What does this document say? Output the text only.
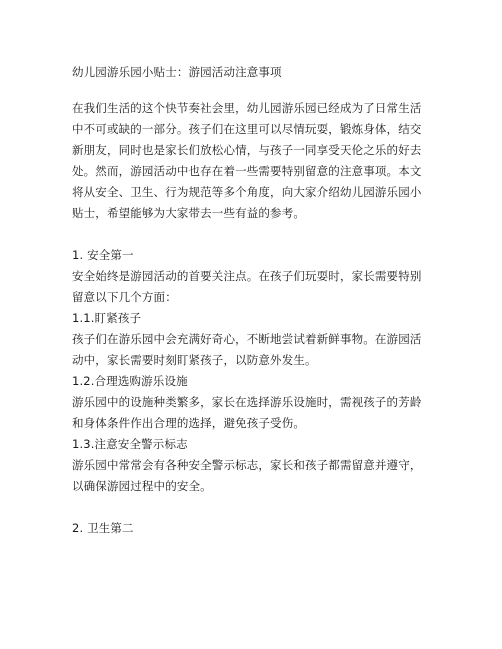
幼儿园游乐园小贴士：游园活动注意事项
在我们生活的这个快节奏社会里，幼儿园游乐园已经成为了日常生活
中不可或缺的一部分。孩子们在这里可以尽情玩耍，锻炼身体，结交
新朋友，同时也是家长们放松心情，与孩子一同享受天伦之乐的好去
处。然而，游园活动中也存在着一些需要特别留意的注意事项。本文
将从安全、卫生、行为规范等多个角度，向大家介绍幼儿园游乐园小
贴士，希望能够为大家带去一些有益的参考。
1. 安全第一
安全始终是游园活动的首要关注点。在孩子们玩耍时，家长需要特别
留意以下几个方面：
1.1.盯紧孩子
孩子们在游乐园中会充满好奇心，不断地尝试着新鲜事物。在游园活
动中，家长需要时刻盯紧孩子，以防意外发生。
1.2.合理选购游乐设施
游乐园中的设施种类繁多，家长在选择游乐设施时，需视孩子的芳龄
和身体条件作出合理的选择，避免孩子受伤。
1.3.注意安全警示标志
游乐园中常常会有各种安全警示标志，家长和孩子都需留意并遵守，
以确保游园过程中的安全。
2. 卫生第二
